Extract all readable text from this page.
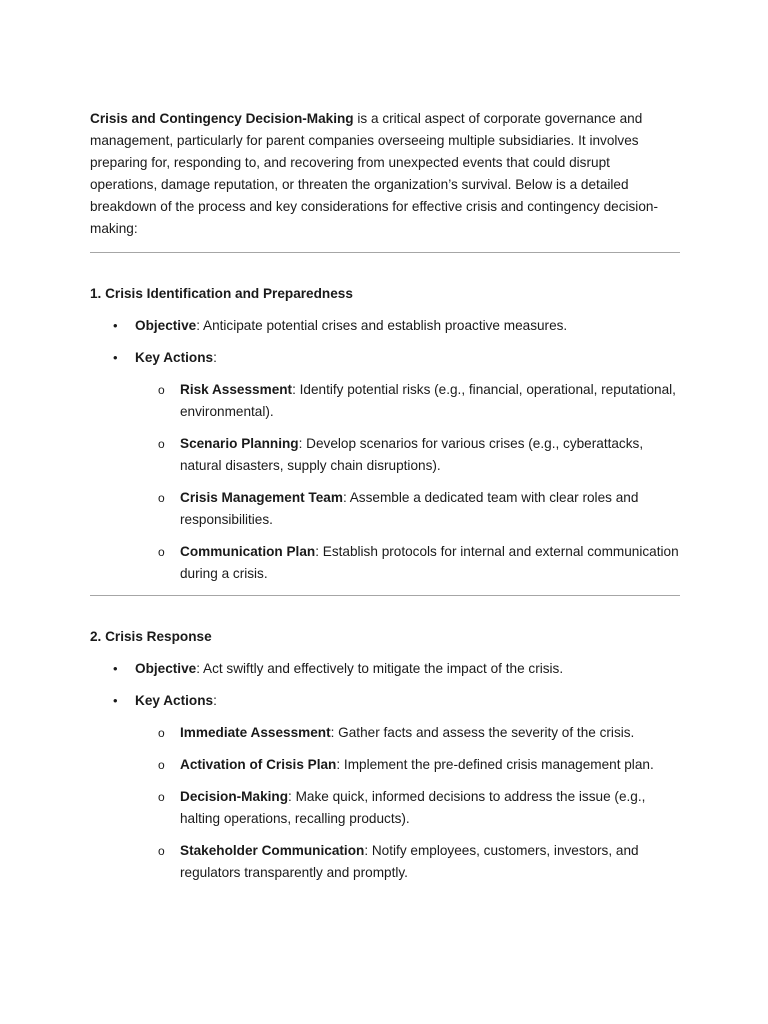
Crisis and Contingency Decision-Making is a critical aspect of corporate governance and management, particularly for parent companies overseeing multiple subsidiaries. It involves preparing for, responding to, and recovering from unexpected events that could disrupt operations, damage reputation, or threaten the organization’s survival. Below is a detailed breakdown of the process and key considerations for effective crisis and contingency decision-making:

1. Crisis Identification and Preparedness

• Objective: Anticipate potential crises and establish proactive measures.
• Key Actions:
o Risk Assessment: Identify potential risks (e.g., financial, operational, reputational, environmental).
o Scenario Planning: Develop scenarios for various crises (e.g., cyberattacks, natural disasters, supply chain disruptions).
o Crisis Management Team: Assemble a dedicated team with clear roles and responsibilities.
o Communication Plan: Establish protocols for internal and external communication during a crisis.

2. Crisis Response

• Objective: Act swiftly and effectively to mitigate the impact of the crisis.
• Key Actions:
o Immediate Assessment: Gather facts and assess the severity of the crisis.
o Activation of Crisis Plan: Implement the pre-defined crisis management plan.
o Decision-Making: Make quick, informed decisions to address the issue (e.g., halting operations, recalling products).
o Stakeholder Communication: Notify employees, customers, investors, and regulators transparently and promptly.
